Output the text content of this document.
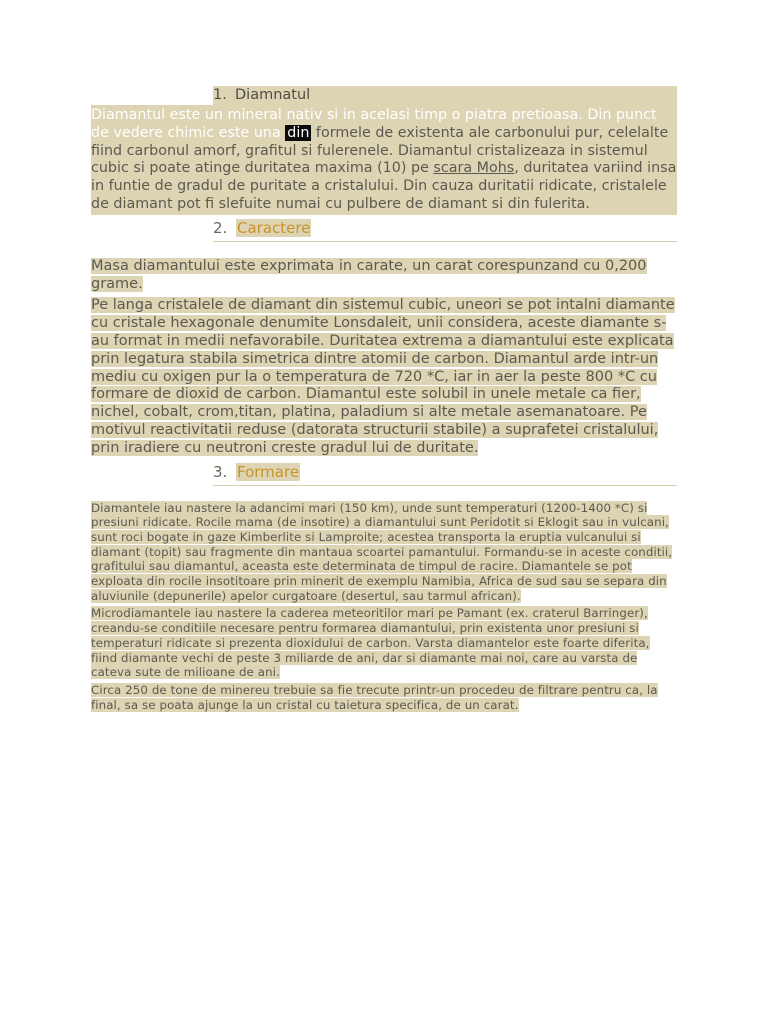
1. Diamnatul
Diamantul este un mineral nativ si in acelasi timp o piatra pretioasa. Din punct de vedere chimic este una din formele de existenta ale carbonului pur, celelalte fiind carbonul amorf, grafitul si fulerenele. Diamantul cristalizeaza in sistemul cubic si poate atinge duritatea maxima (10) pe scara Mohs, duritatea variind insa in funtie de gradul de puritate a cristalului. Din cauza duritatii ridicate, cristalele de diamant pot fi slefuite numai cu pulbere de diamant si din fulerita.
2. Caractere

Masa diamantului este exprimata in carate, un carat corespunzand cu 0,200 grame.

Pe langa cristalele de diamant din sistemul cubic, uneori se pot intalni diamante cu cristale hexagonale denumite Lonsdaleit, unii considera, aceste diamante s-au format in medii nefavorabile. Duritatea extrema a diamantului este explicata prin legatura stabila simetrica dintre atomii de carbon. Diamantul arde intr-un mediu cu oxigen pur la o temperatura de 720 *C, iar in aer la peste 800 *C cu formare de dioxid de carbon. Diamantul este solubil in unele metale ca fier, nichel, cobalt, crom,titan, platina, paladium si alte metale asemanatoare. Pe motivul reactivitatii reduse (datorata structurii stabile) a suprafetei cristalului, prin iradiere cu neutroni creste gradul lui de duritate.

3. Formare

Diamantele iau nastere la adancimi mari (150 km), unde sunt temperaturi (1200-1400 *C) si presiuni ridicate. Rocile mama (de insotire) a diamantului sunt Peridotit si Eklogit sau in vulcani, sunt roci bogate in gaze Kimberlite si Lamproite; acestea transporta la eruptia vulcanului si diamant (topit) sau fragmente din mantaua scoartei pamantului. Formandu-se in aceste conditii, grafitului sau diamantul, aceasta este determinata de timpul de racire. Diamantele se pot exploata din rocile insotitoare prin minerit de exemplu Namibia, Africa de sud sau se separa din aluviunile (depunerile) apelor curgatoare (desertul, sau tarmul african).

Microdiamantele iau nastere la caderea meteoritilor mari pe Pamant (ex. craterul Barringer), creandu-se conditiile necesare pentru formarea diamantului, prin existenta unor presiuni si temperaturi ridicate si prezenta dioxidului de carbon. Varsta diamantelor este foarte diferita, fiind diamante vechi de peste 3 miliarde de ani, dar si diamante mai noi, care au varsta de cateva sute de milioane de ani.

Circa 250 de tone de minereu trebuie sa fie trecute printr-un procedeu de filtrare pentru ca, la final, sa se poata ajunge la un cristal cu taietura specifica, de un carat.
